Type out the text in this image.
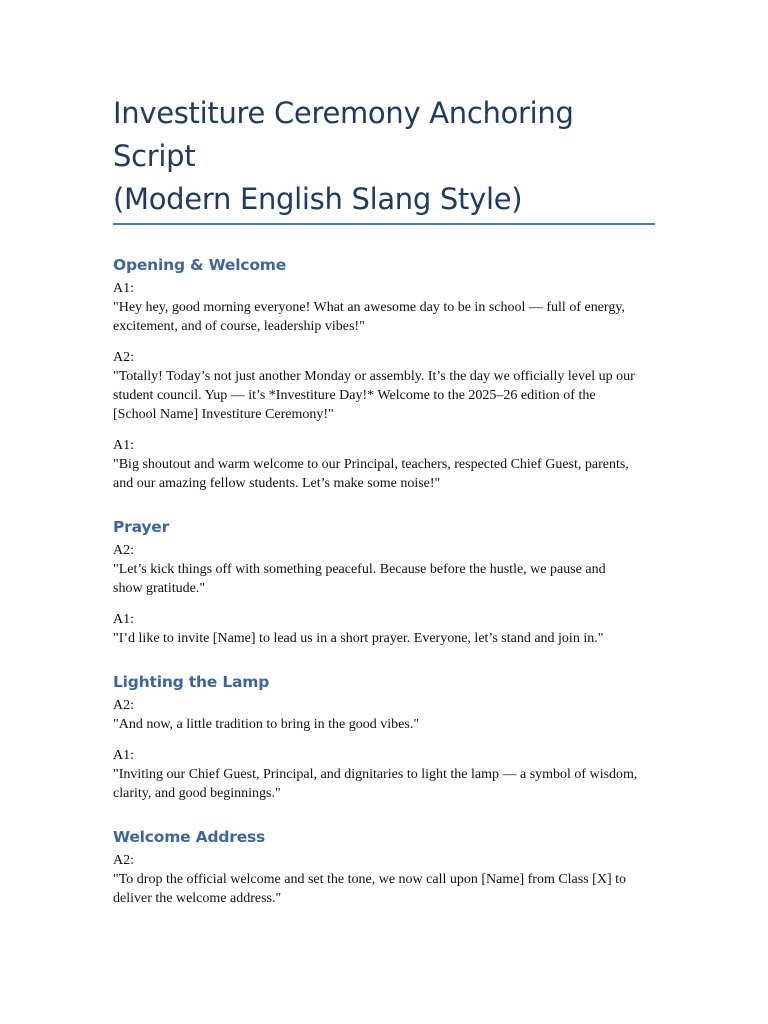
Investiture Ceremony Anchoring Script
(Modern English Slang Style)
Opening & Welcome
A1:
"Hey hey, good morning everyone! What an awesome day to be in school — full of energy,
excitement, and of course, leadership vibes!"
A2:
"Totally! Today’s not just another Monday or assembly. It’s the day we officially level up our
student council. Yup — it’s *Investiture Day!* Welcome to the 2025–26 edition of the
[School Name] Investiture Ceremony!"
A1:
"Big shoutout and warm welcome to our Principal, teachers, respected Chief Guest, parents,
and our amazing fellow students. Let’s make some noise!"
Prayer
A2:
"Let’s kick things off with something peaceful. Because before the hustle, we pause and
show gratitude."
A1:
"I’d like to invite [Name] to lead us in a short prayer. Everyone, let’s stand and join in."
Lighting the Lamp
A2:
"And now, a little tradition to bring in the good vibes."
A1:
"Inviting our Chief Guest, Principal, and dignitaries to light the lamp — a symbol of wisdom,
clarity, and good beginnings."
Welcome Address
A2:
"To drop the official welcome and set the tone, we now call upon [Name] from Class [X] to
deliver the welcome address."
